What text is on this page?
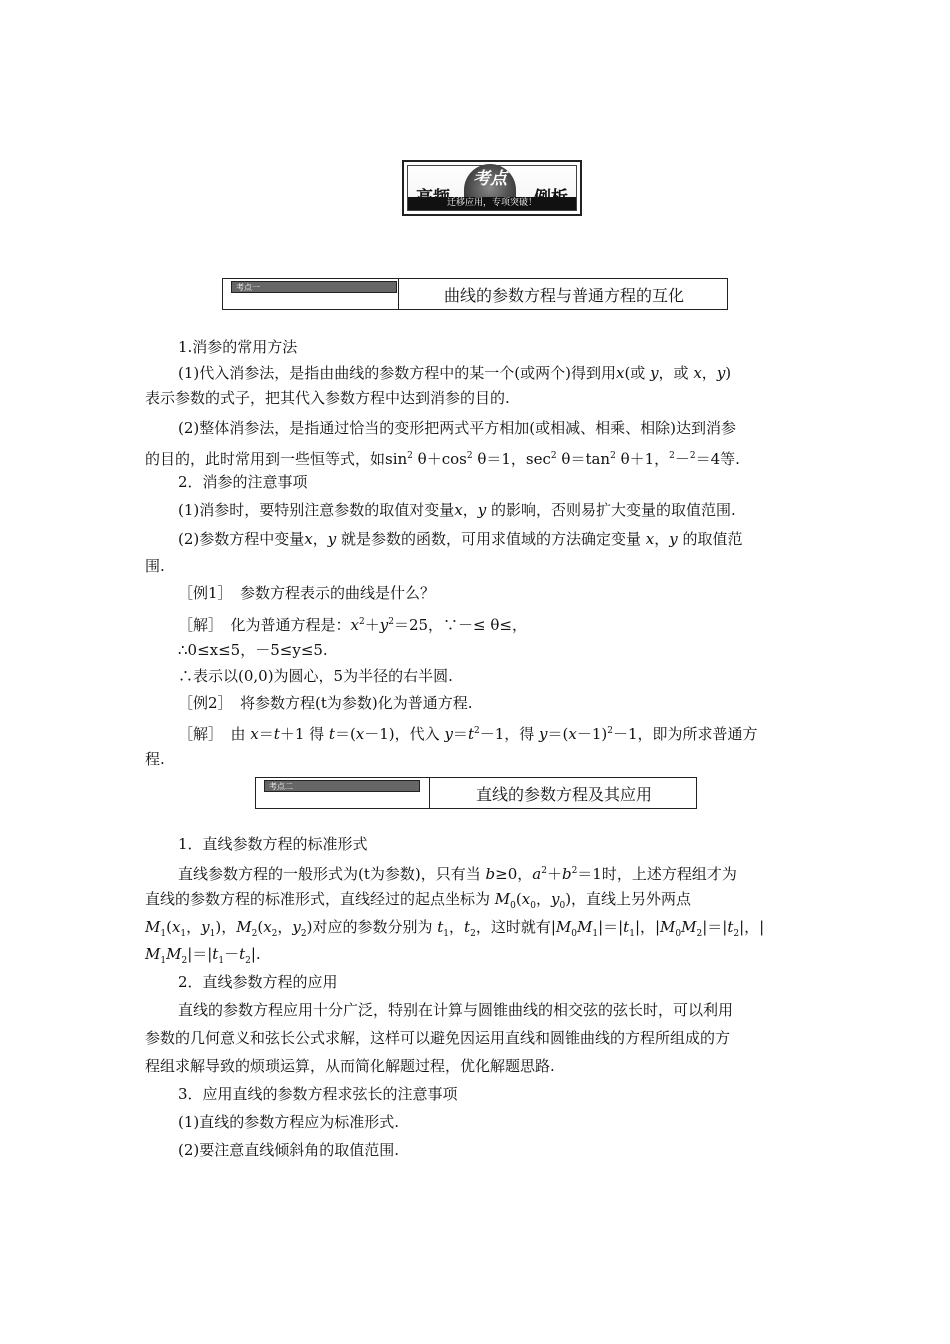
考点
迁移应用，专项突破！
考点一	曲线的参数方程与普通方程的互化
1.消参的常用方法
(1)代入消参法，是指由曲线的参数方程中的某一个(或两个)得到用x(或 y，或 x，y)
表示参数的式子，把其代入参数方程中达到消参的目的.
(2)整体消参法，是指通过恰当的变形把两式平方相加(或相减、相乘、相除)达到消参
的目的，此时常用到一些恒等式，如$\sin^2 \theta+\cos^2$ θ＝1，$\sec^2 \theta=\tan^2$ θ＋1，$^2$－$^2$＝4等.
2．消参的注意事项
(1)消参时，要特别注意参数的取值对变量x，y 的影响，否则易扩大变量的取值范围.
(2)参数方程中变量x，y 就是参数的函数，可用求值域的方法确定变量 x，y 的取值范
围.
［例1］　参数方程表示的曲线是什么？
［解］　化为普通方程是：$x^2+y^2=25$，∵－≤ θ≤，
∴0≤x≤5，－5≤y≤5.
∴表示以(0,0)为圆心，5为半径的右半圆.
［例2］　将参数方程(t为参数)化为普通方程.
［解］　由 x＝t＋1 得 t＝(x－1)，代入 $y=t^2-1$，得 $y=(x-1)^2-1$，即为所求普通方
程.
考点二	直线的参数方程及其应用
1．直线参数方程的标准形式
直线参数方程的一般形式为(t为参数)，只有当 b≥0，$a^2+b^2=1$时，上述方程组才为
直线的参数方程的标准形式，直线经过的起点坐标为 $M_0(x_0$，$y_0$)，直线上另外两点
$M_1(x_1$，$y_1$)，$M_2(x_2$，$y_2$)对应的参数分别为 $t_1$，$t_2$，这时就有$|M_0M_1|=|t_1|$，$|M_0M_2|=|t_2|$，|
$M_1M_2|=|t_1-t_2|$.
2．直线参数方程的应用
直线的参数方程应用十分广泛，特别在计算与圆锥曲线的相交弦的弦长时，可以利用
参数的几何意义和弦长公式求解，这样可以避免因运用直线和圆锥曲线的方程所组成的方
程组求解导致的烦琐运算，从而简化解题过程，优化解题思路.
3．应用直线的参数方程求弦长的注意事项
(1)直线的参数方程应为标准形式.
(2)要注意直线倾斜角的取值范围.
